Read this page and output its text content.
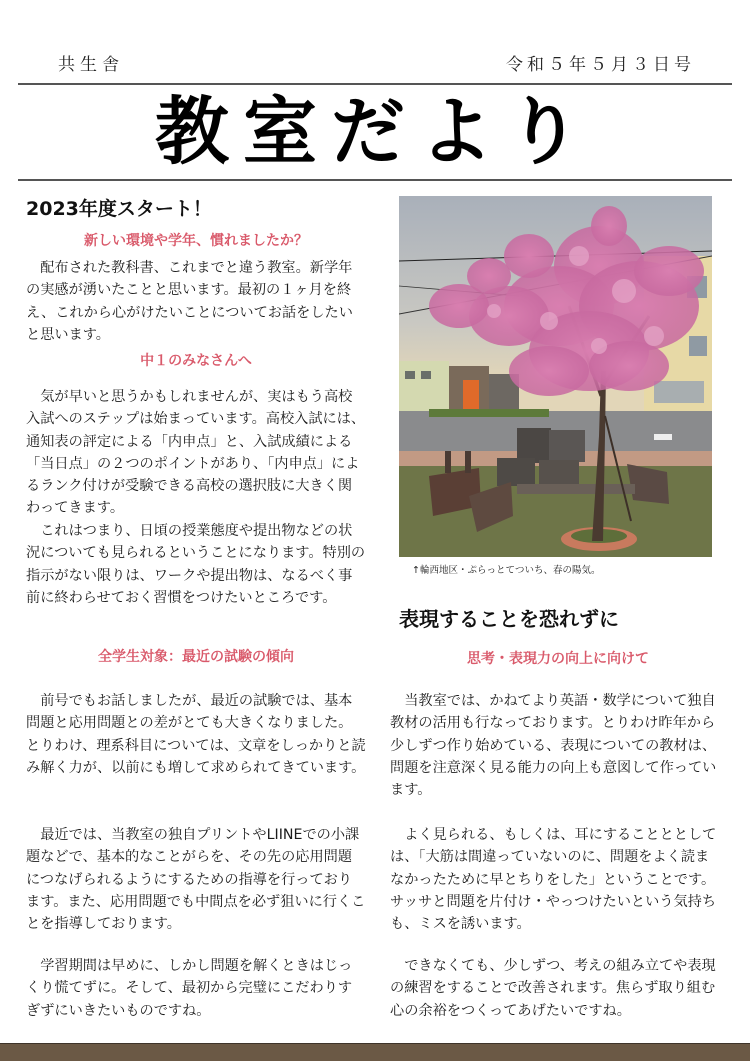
共生舎	令和５年５月３日号
教室だより
2023年度スタート！
新しい環境や学年、慣れましたか？

　配布された教科書、これまでと違う教室。新学年の実感が湧いたことと思います。最初の１ヶ月を終え、これから心がけたいことについてお話をしたいと思います。

中１のみなさんへ

　気が早いと思うかもしれませんが、実はもう高校入試へのステップは始まっています。高校入試には、通知表の評定による「内申点」と、入試成績による「当日点」の２つのポイントがあり、「内申点」によるランク付けが受験できる高校の選択肢に大きく関わってきます。

　これはつまり、日頃の授業態度や提出物などの状況についても見られるということになります。特別の指示がない限りは、ワークや提出物は、なるべく事前に終わらせておく習慣をつけたいところです。

全学生対象：最近の試験の傾向

　前号でもお話しましたが、最近の試験では、基本問題と応用問題との差がとても大きくなりました。とりわけ、理系科目については、文章をしっかりと読み解く力が、以前にも増して求められてきています。

　最近では、当教室の独自プリントやLIINEでの小課題などで、基本的なことがらを、その先の応用問題につなげられるようにするための指導を行っております。また、応用問題でも中間点を必ず狙いに行くことを指導しております。

　学習期間は早めに、しかし問題を解くときはじっくり慌てずに。そして、最初から完璧にこだわりすぎずにいきたいものですね。

↑輪西地区・ぷらっとてついち、春の陽気。
表現することを恐れずに
思考・表現力の向上に向けて

　当教室では、かねてより英語・数学について独自教材の活用も行なっております。とりわけ昨年から少しずつ作り始めている、表現についての教材は、問題を注意深く見る能力の向上も意図して作っています。

　よく見られる、もしくは、耳にすることととしては、「大筋は間違っていないのに、問題をよく読まなかったために早とちりをした」ということです。サッサと問題を片付け・やっつけたいという気持ちも、ミスを誘います。

　できなくても、少しずつ、考えの組み立てや表現の練習をすることで改善されます。焦らず取り組む心の余裕をつくってあげたいですね。
